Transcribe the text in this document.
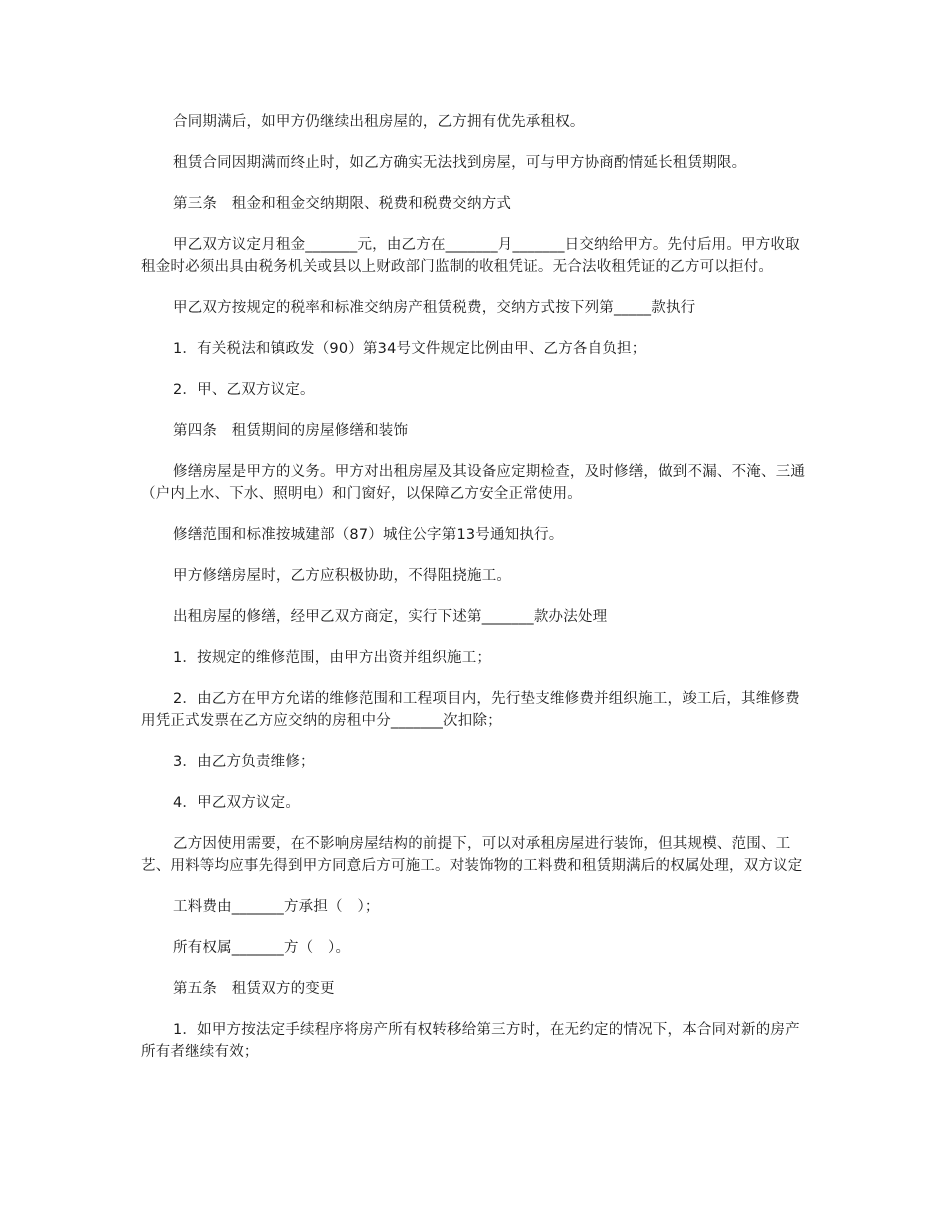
合同期满后，如甲方仍继续出租房屋的，乙方拥有优先承租权。

租赁合同因期满而终止时，如乙方确实无法找到房屋，可与甲方协商酌情延长租赁期限。

第三条　租金和租金交纳期限、税费和税费交纳方式

甲乙双方议定月租金_______元，由乙方在_______月_______日交纳给甲方。先付后用。甲方收取租金时必须出具由税务机关或县以上财政部门监制的收租凭证。无合法收租凭证的乙方可以拒付。

甲乙双方按规定的税率和标准交纳房产租赁税费，交纳方式按下列第_____款执行

1．有关税法和镇政发（90）第34号文件规定比例由甲、乙方各自负担；

2．甲、乙双方议定。

第四条　租赁期间的房屋修缮和装饰

修缮房屋是甲方的义务。甲方对出租房屋及其设备应定期检查，及时修缮，做到不漏、不淹、三通（户内上水、下水、照明电）和门窗好，以保障乙方安全正常使用。

修缮范围和标准按城建部（87）城住公字第13号通知执行。

甲方修缮房屋时，乙方应积极协助，不得阻挠施工。

出租房屋的修缮，经甲乙双方商定，实行下述第_______款办法处理

1．按规定的维修范围，由甲方出资并组织施工；

2．由乙方在甲方允诺的维修范围和工程项目内，先行垫支维修费并组织施工，竣工后，其维修费用凭正式发票在乙方应交纳的房租中分_______次扣除；

3．由乙方负责维修；

4．甲乙双方议定。

乙方因使用需要，在不影响房屋结构的前提下，可以对承租房屋进行装饰，但其规模、范围、工艺、用料等均应事先得到甲方同意后方可施工。对装饰物的工料费和租赁期满后的权属处理，双方议定

工料费由_______方承担（　）；

所有权属_______方（　）。

第五条　租赁双方的变更

1．如甲方按法定手续程序将房产所有权转移给第三方时，在无约定的情况下，本合同对新的房产所有者继续有效；
